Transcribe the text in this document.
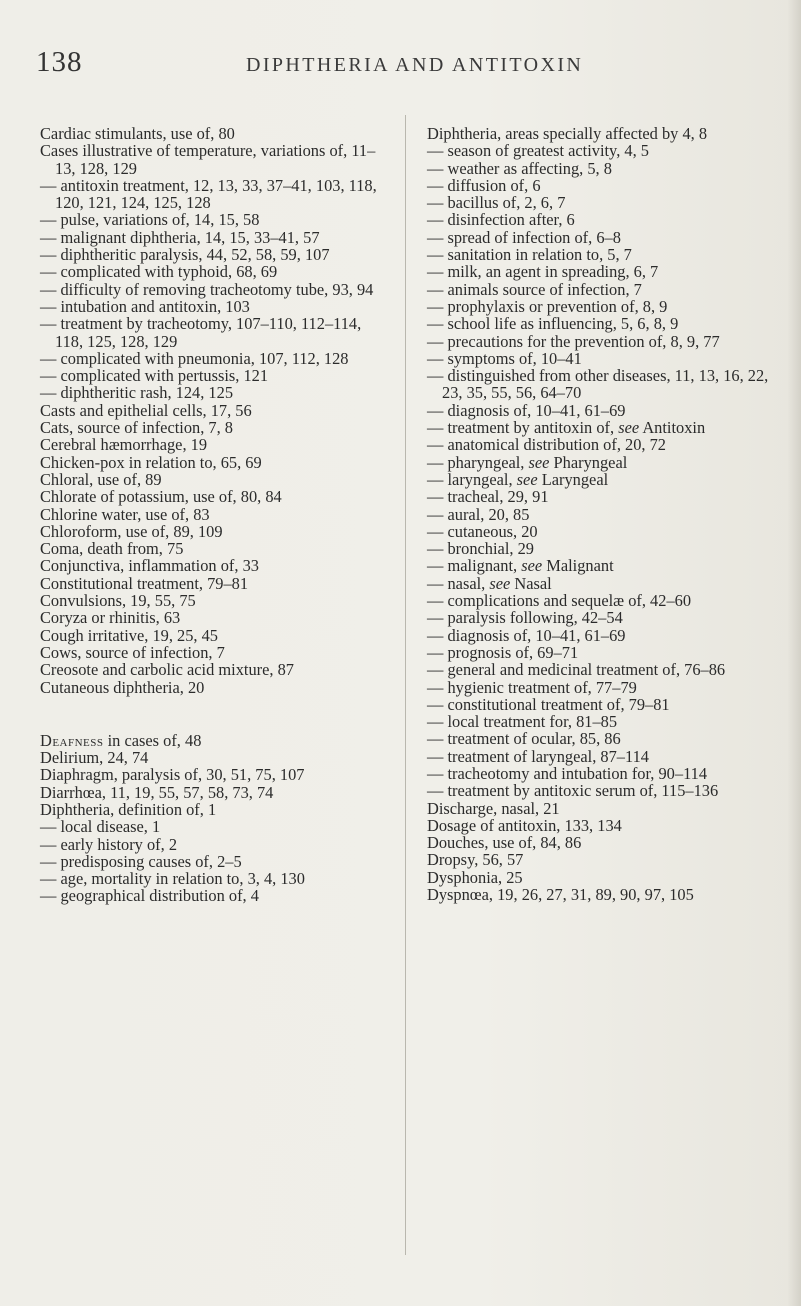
138	DIPHTHERIA AND ANTITOXIN

Cardiac stimulants, use of, 80

Cases illustrative of temperature, variations of, 11–13, 128, 129

— antitoxin treatment, 12, 13, 33, 37–41, 103, 118, 120, 121, 124, 125, 128

— pulse, variations of, 14, 15, 58

— malignant diphtheria, 14, 15, 33–41, 57

— diphtheritic paralysis, 44, 52, 58, 59, 107

— complicated with typhoid, 68, 69

— difficulty of removing tracheotomy tube, 93, 94

— intubation and antitoxin, 103

— treatment by tracheotomy, 107–110, 112–114, 118, 125, 128, 129

— complicated with pneumonia, 107, 112, 128

— complicated with pertussis, 121

— diphtheritic rash, 124, 125

Casts and epithelial cells, 17, 56

Cats, source of infection, 7, 8

Cerebral hæmorrhage, 19

Chicken-pox in relation to, 65, 69

Chloral, use of, 89

Chlorate of potassium, use of, 80, 84

Chlorine water, use of, 83

Chloroform, use of, 89, 109

Coma, death from, 75

Conjunctiva, inflammation of, 33

Constitutional treatment, 79–81

Convulsions, 19, 55, 75

Coryza or rhinitis, 63

Cough irritative, 19, 25, 45

Cows, source of infection, 7

Creosote and carbolic acid mixture, 87

Cutaneous diphtheria, 20

Deafness in cases of, 48

Delirium, 24, 74

Diaphragm, paralysis of, 30, 51, 75, 107

Diarrhœa, 11, 19, 55, 57, 58, 73, 74

Diphtheria, definition of, 1

— local disease, 1

— early history of, 2

— predisposing causes of, 2–5

— age, mortality in relation to, 3, 4, 130

— geographical distribution of, 4

Diphtheria, areas specially affected by 4, 8

— season of greatest activity, 4, 5

— weather as affecting, 5, 8

— diffusion of, 6

— bacillus of, 2, 6, 7

— disinfection after, 6

— spread of infection of, 6–8

— sanitation in relation to, 5, 7

— milk, an agent in spreading, 6, 7

— animals source of infection, 7

— prophylaxis or prevention of, 8, 9

— school life as influencing, 5, 6, 8, 9

— precautions for the prevention of, 8, 9, 77

— symptoms of, 10–41

— distinguished from other diseases, 11, 13, 16, 22, 23, 35, 55, 56, 64–70

— diagnosis of, 10–41, 61–69

— treatment by antitoxin of, see Antitoxin

— anatomical distribution of, 20, 72

— pharyngeal, see Pharyngeal

— laryngeal, see Laryngeal

— tracheal, 29, 91

— aural, 20, 85

— cutaneous, 20

— bronchial, 29

— malignant, see Malignant

— nasal, see Nasal

— complications and sequelæ of, 42–60

— paralysis following, 42–54

— diagnosis of, 10–41, 61–69

— prognosis of, 69–71

— general and medicinal treatment of, 76–86

— hygienic treatment of, 77–79

— constitutional treatment of, 79–81

— local treatment for, 81–85

— treatment of ocular, 85, 86

— treatment of laryngeal, 87–114

— tracheotomy and intubation for, 90–114

— treatment by antitoxic serum of, 115–136

Discharge, nasal, 21

Dosage of antitoxin, 133, 134

Douches, use of, 84, 86

Dropsy, 56, 57

Dysphonia, 25

Dyspnœa, 19, 26, 27, 31, 89, 90, 97, 105
